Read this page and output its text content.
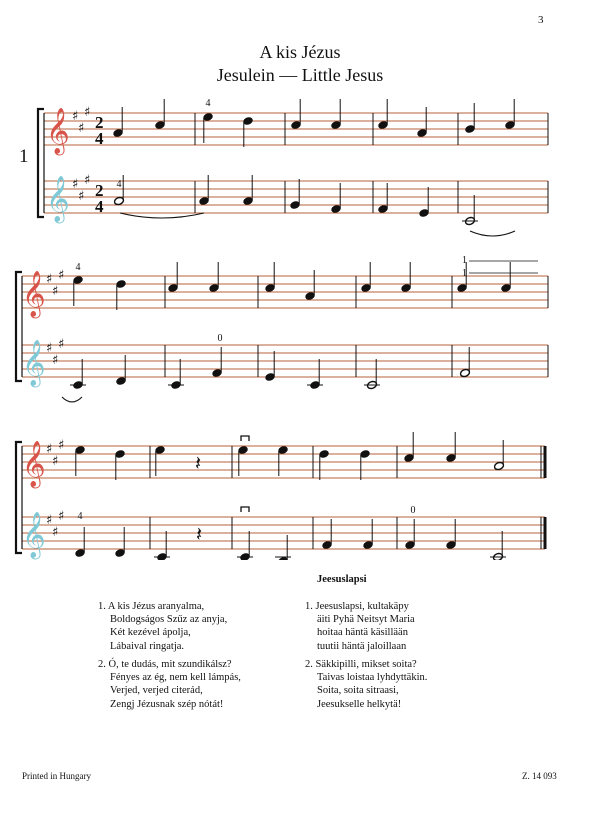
3
A kis Jézus
Jesulein — Little Jesus
1
𝄞
𝄞
♯
♯
♯
♯
♯
♯
2
4
2
4
4
4
𝄞
𝄞
♯
♯
♯
♯
♯
♯
1
1
4
0
𝄞
𝄞
♯
♯
♯
♯
♯
♯
𝄽
4
𝄽
0
1. A kis Jézus aranyalma,
Boldogságos Szűz az anyja,
Két kezével ápolja,
Lábaival ringatja.
2. Ó, te dudás, mit szundikálsz?
Fényes az ég, nem kell lámpás,
Verjed, verjed citerád,
Zengj Jézusnak szép nótát!
Jeesuslapsi
1. Jeesuslapsi, kultakäpy
äiti Pyhä Neitsyt Maria
hoitaa häntä käsillään
tuutii häntä jaloillaan
2. Säkkipilli, mikset soita?
Taivas loistaa lyhdyttäkin.
Soita, soita sitraasi,
Jeesukselle helkytä!
Printed in Hungary	Z. 14 093
